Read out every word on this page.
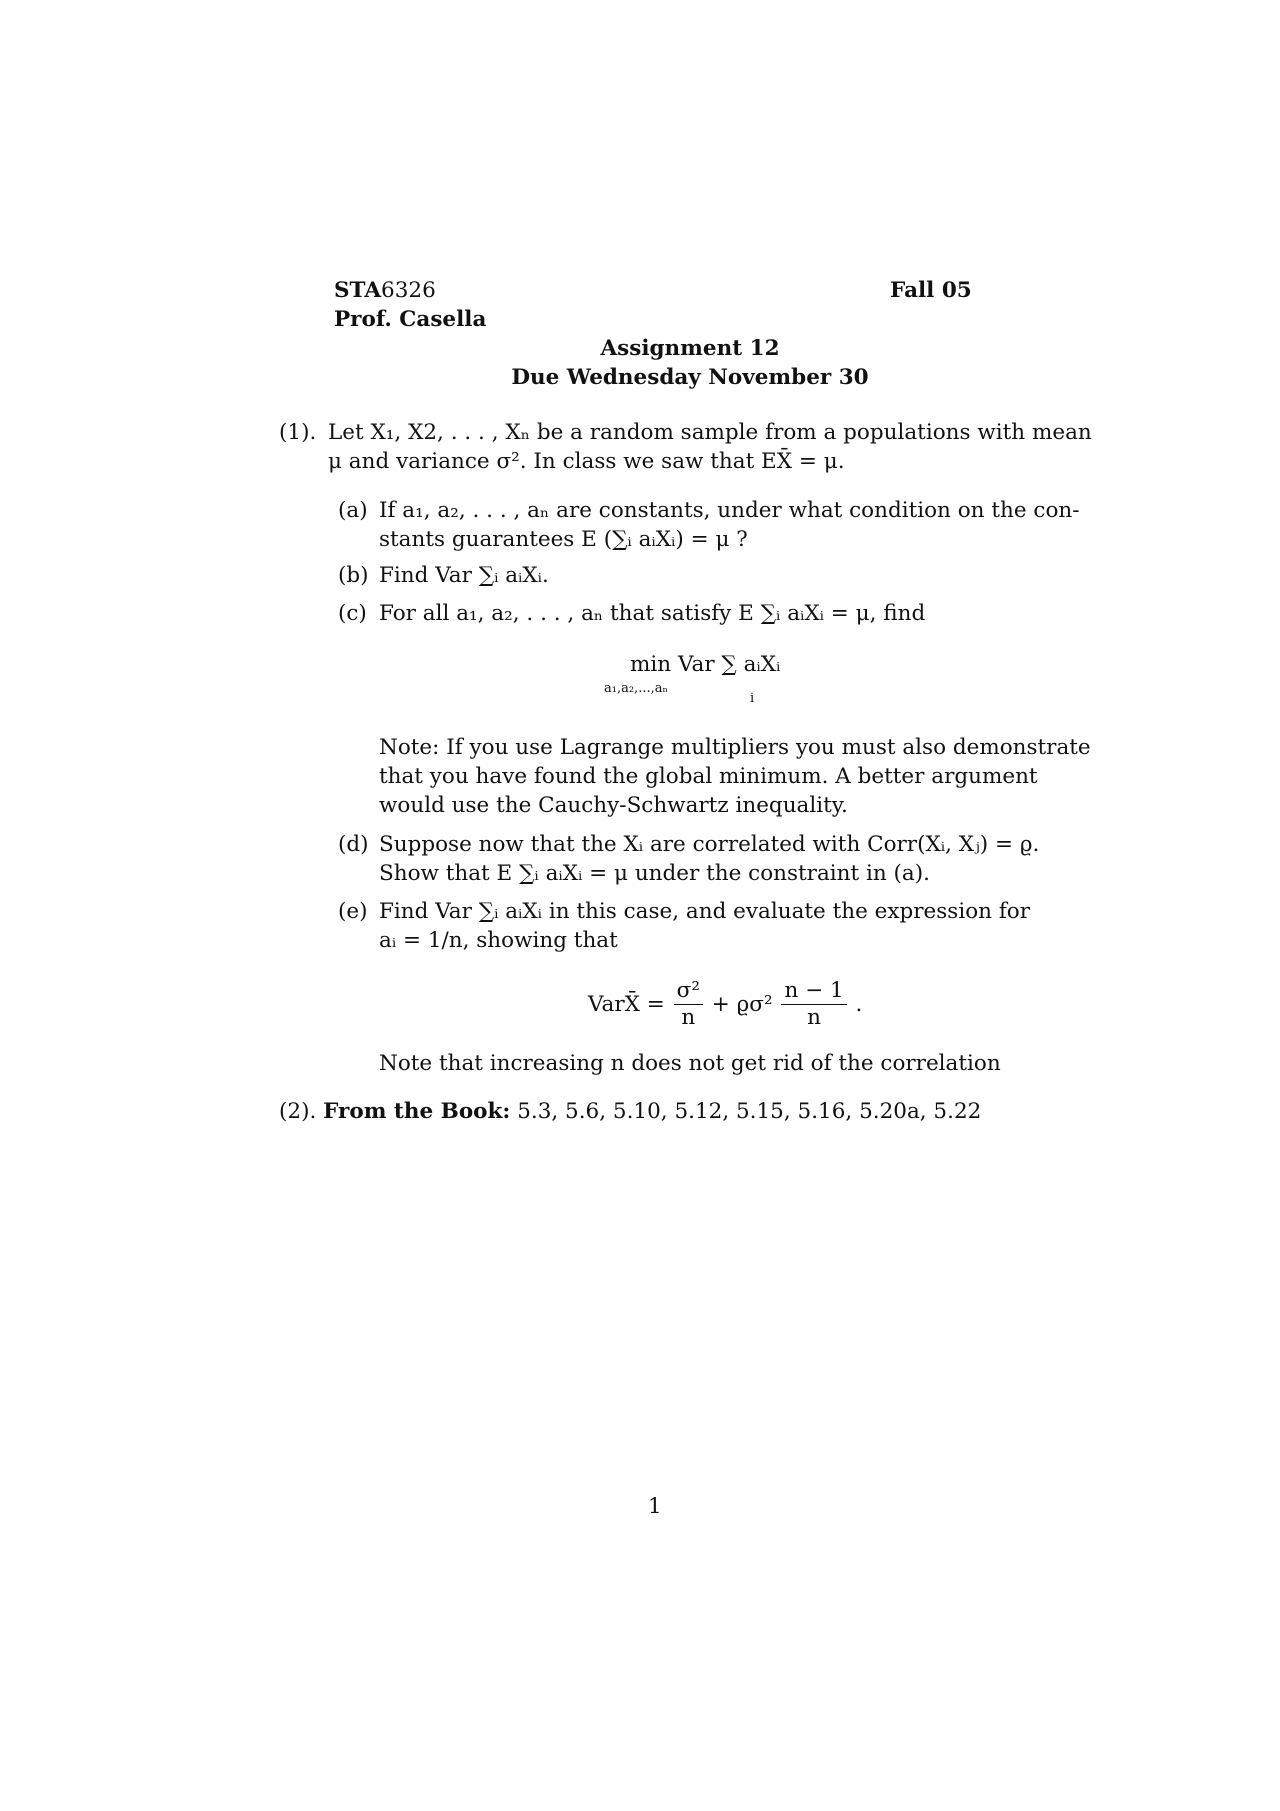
STA6326
Prof. Casella
Fall 05
Assignment 12
Due Wednesday November 30
(1). Let X₁, X2, . . . , Xₙ be a random sample from a populations with mean
μ and variance σ². In class we saw that EX̄ = μ.
(a) If a₁, a₂, . . . , aₙ are constants, under what condition on the con-
stants guarantees E (∑ᵢ aᵢXᵢ) = μ ?
(b) Find Var ∑ᵢ aᵢXᵢ.
(c) For all a₁, a₂, . . . , aₙ that satisfy E ∑ᵢ aᵢXᵢ = μ, find
min Var ∑ aᵢXᵢ
a₁,a₂,...,aₙ
i
Note: If you use Lagrange multipliers you must also demonstrate
that you have found the global minimum. A better argument
would use the Cauchy-Schwartz inequality.
(d) Suppose now that the Xᵢ are correlated with Corr(Xᵢ, Xⱼ) = ϱ.
Show that E ∑ᵢ aᵢXᵢ = μ under the constraint in (a).
(e) Find Var ∑ᵢ aᵢXᵢ in this case, and evaluate the expression for
aᵢ = 1/n, showing that
VarX̄ = $\frac{\text{σ²}}{n} + ϱ\sigma^2 \frac{n - 1}{n}$ .
Note that increasing n does not get rid of the correlation
(2). From the Book: 5.3, 5.6, 5.10, 5.12, 5.15, 5.16, 5.20a, 5.22
1
